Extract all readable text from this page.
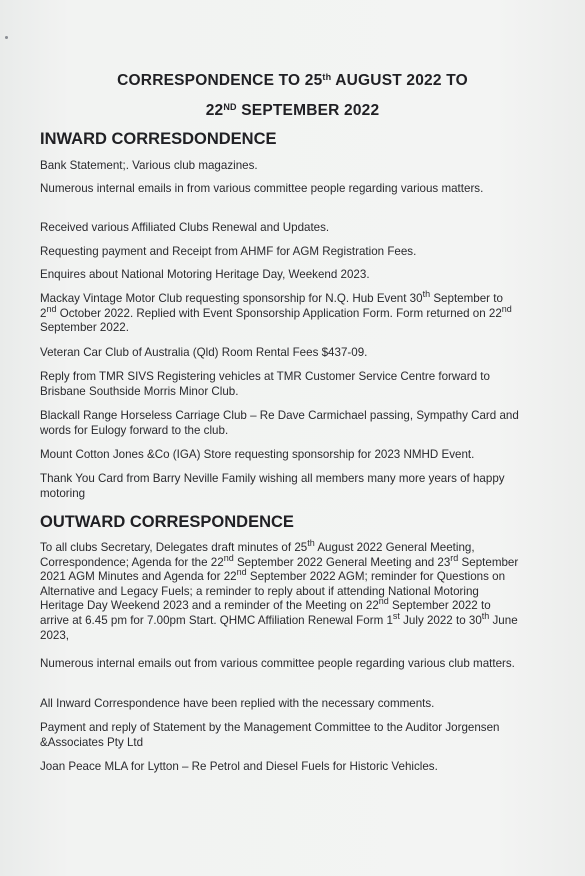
CORRESPONDENCE TO 25th AUGUST 2022 TO
22ND SEPTEMBER 2022
INWARD CORRESDONDENCE
Bank Statement;. Various club magazines.
Numerous internal emails in from various committee people regarding various matters.
Received various Affiliated Clubs Renewal and Updates.
Requesting payment and Receipt from AHMF for AGM Registration Fees.
Enquires about National Motoring Heritage Day, Weekend 2023.
Mackay Vintage Motor Club requesting sponsorship for N.Q. Hub Event 30th September to 2nd October 2022. Replied with Event Sponsorship Application Form. Form returned on 22nd September 2022.
Veteran Car Club of Australia (Qld) Room Rental Fees $437-09.
Reply from TMR SIVS Registering vehicles at TMR Customer Service Centre forward to Brisbane Southside Morris Minor Club.
Blackall Range Horseless Carriage Club – Re Dave Carmichael passing, Sympathy Card and words for Eulogy forward to the club.
Mount Cotton Jones &Co (IGA) Store requesting sponsorship for 2023 NMHD Event.
Thank You Card from Barry Neville Family wishing all members many more years of happy motoring
OUTWARD CORRESPONDENCE
To all clubs Secretary, Delegates draft minutes of 25th August 2022 General Meeting, Correspondence; Agenda for the 22nd September 2022 General Meeting and 23rd September 2021 AGM Minutes and Agenda for 22nd September 2022 AGM; reminder for Questions on Alternative and Legacy Fuels; a reminder to reply about if attending National Motoring Heritage Day Weekend 2023 and a reminder of the Meeting on 22nd September 2022 to arrive at 6.45 pm for 7.00pm Start. QHMC Affiliation Renewal Form 1st July 2022 to 30th June 2023,
Numerous internal emails out from various committee people regarding various club matters.
All Inward Correspondence have been replied with the necessary comments.
Payment and reply of Statement by the Management Committee to the Auditor Jorgensen &Associates Pty Ltd
Joan Peace MLA for Lytton – Re Petrol and Diesel Fuels for Historic Vehicles.
